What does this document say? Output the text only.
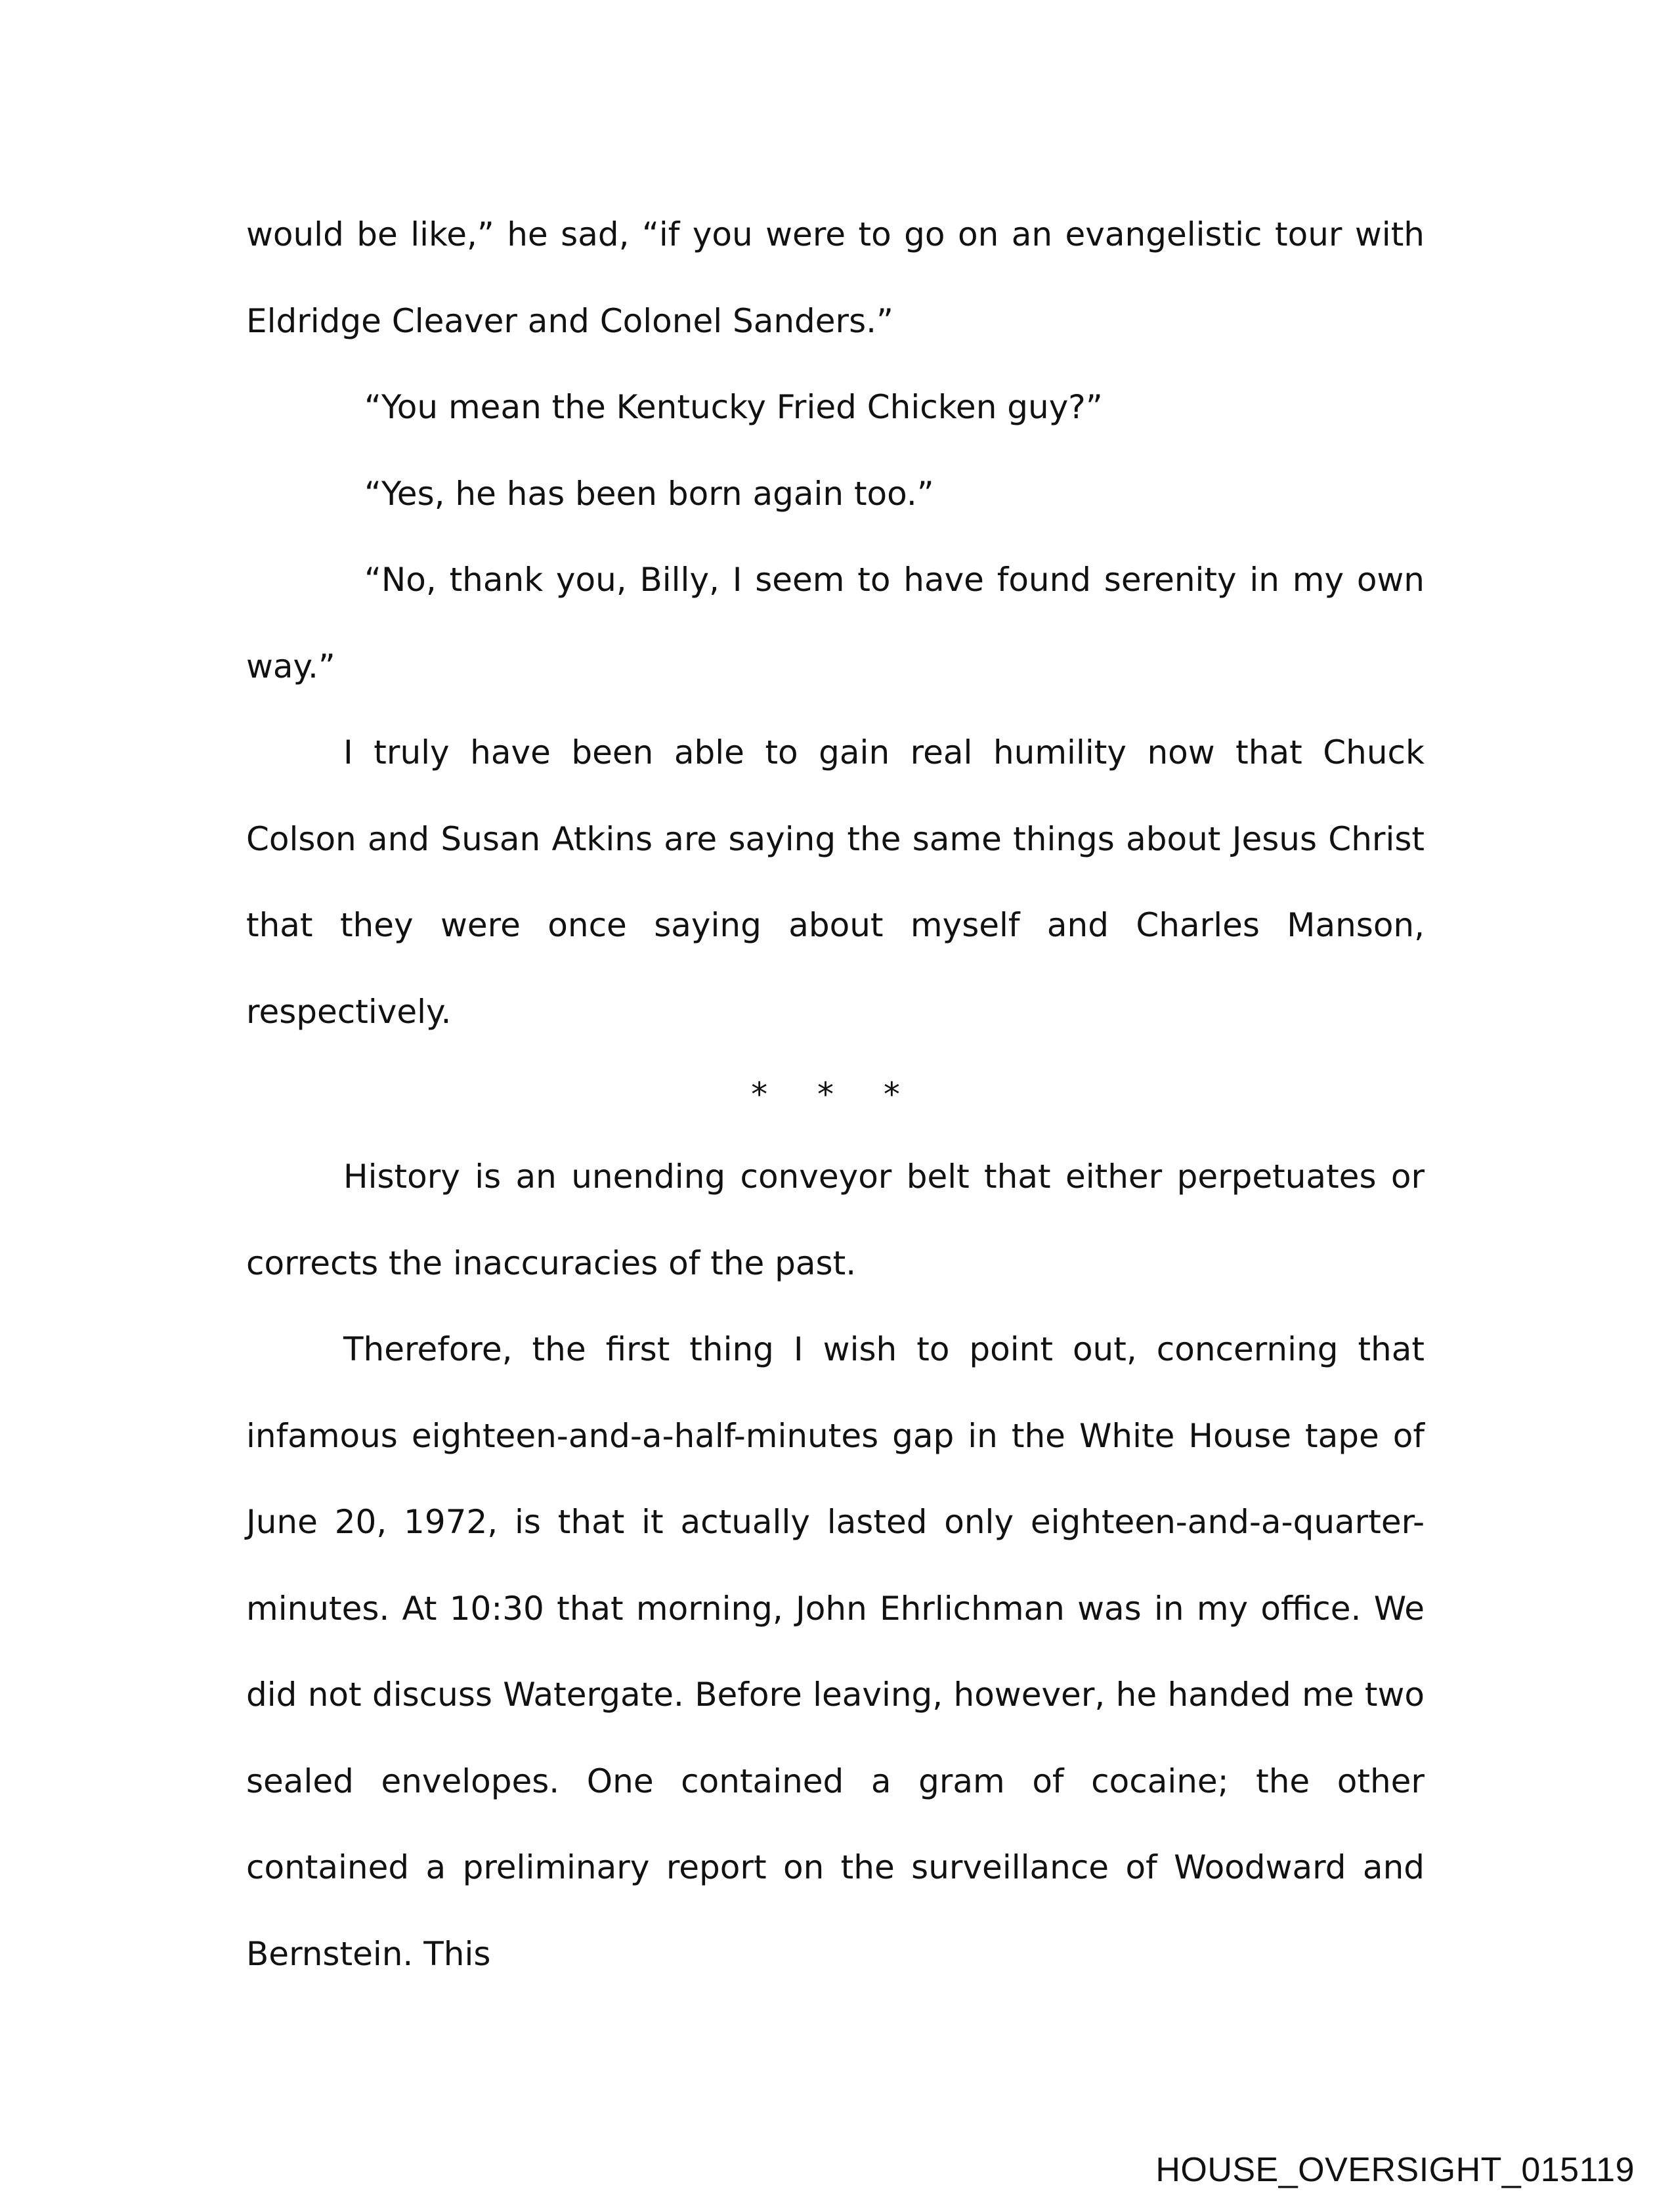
would be like,” he sad, “if you were to go on an evangelistic tour with Eldridge Cleaver and Colonel Sanders.”

“You mean the Kentucky Fried Chicken guy?”

“Yes, he has been born again too.”

“No, thank you, Billy, I seem to have found serenity in my own way.”

I truly have been able to gain real humility now that Chuck Colson and Susan Atkins are saying the same things about Jesus Christ that they were once saying about myself and Charles Manson, respectively.

* * *

History is an unending conveyor belt that either perpetuates or corrects the inaccuracies of the past.

Therefore, the first thing I wish to point out, concerning that infamous eighteen-and-a-half-minutes gap in the White House tape of June 20, 1972, is that it actually lasted only eighteen-and-a-quarter-minutes. At 10:30 that morning, John Ehrlichman was in my office. We did not discuss Watergate. Before leaving, however, he handed me two sealed envelopes. One contained a gram of cocaine; the other contained a preliminary report on the surveillance of Woodward and Bernstein. This

HOUSE_OVERSIGHT_015119
